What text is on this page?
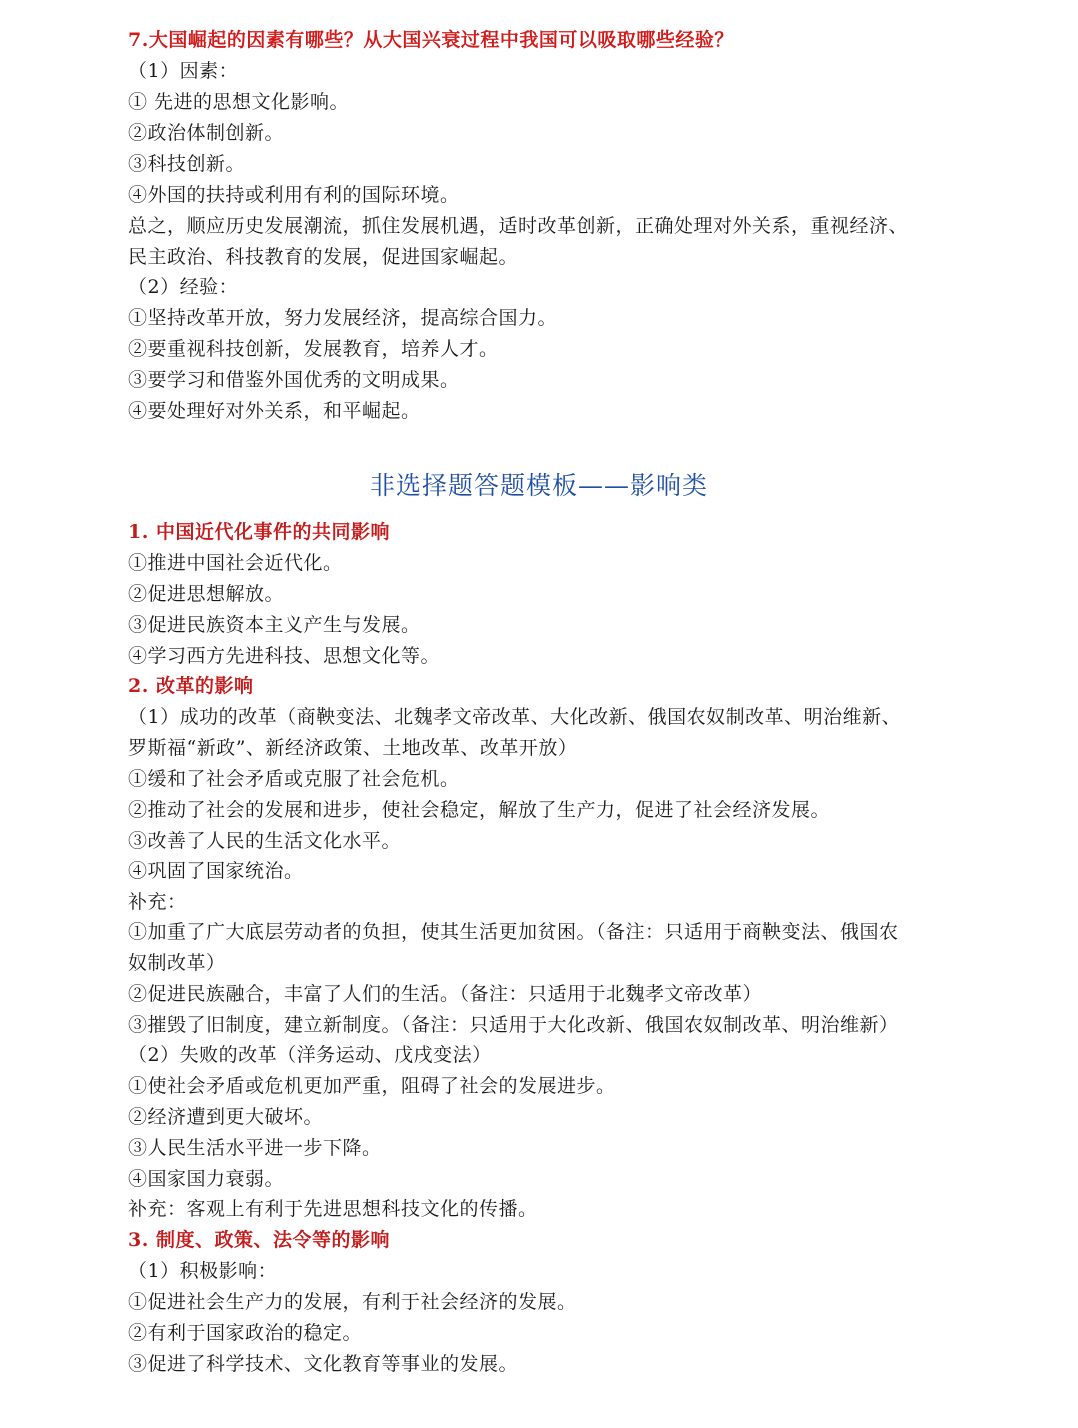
7.大国崛起的因素有哪些？从大国兴衰过程中我国可以吸取哪些经验？
（1）因素：
① 先进的思想文化影响。
②政治体制创新。
③科技创新。
④外国的扶持或利用有利的国际环境。
总之，顺应历史发展潮流，抓住发展机遇，适时改革创新，正确处理对外关系，重视经济、
民主政治、科技教育的发展，促进国家崛起。
（2）经验：
①坚持改革开放，努力发展经济，提高综合国力。
②要重视科技创新，发展教育，培养人才。
③要学习和借鉴外国优秀的文明成果。
④要处理好对外关系，和平崛起。
非选择题答题模板——影响类
1. 中国近代化事件的共同影响
①推进中国社会近代化。
②促进思想解放。
③促进民族资本主义产生与发展。
④学习西方先进科技、思想文化等。
2. 改革的影响
（1）成功的改革（商鞅变法、北魏孝文帝改革、大化改新、俄国农奴制改革、明治维新、
罗斯福“新政”、新经济政策、土地改革、改革开放）
①缓和了社会矛盾或克服了社会危机。
②推动了社会的发展和进步，使社会稳定，解放了生产力，促进了社会经济发展。
③改善了人民的生活文化水平。
④巩固了国家统治。
补充：
①加重了广大底层劳动者的负担，使其生活更加贫困。（备注：只适用于商鞅变法、俄国农
奴制改革）
②促进民族融合，丰富了人们的生活。（备注：只适用于北魏孝文帝改革）
③摧毁了旧制度，建立新制度。（备注：只适用于大化改新、俄国农奴制改革、明治维新）
（2）失败的改革（洋务运动、戊戌变法）
①使社会矛盾或危机更加严重，阻碍了社会的发展进步。
②经济遭到更大破坏。
③人民生活水平进一步下降。
④国家国力衰弱。
补充：客观上有利于先进思想科技文化的传播。
3. 制度、政策、法令等的影响
（1）积极影响：
①促进社会生产力的发展，有利于社会经济的发展。
②有利于国家政治的稳定。
③促进了科学技术、文化教育等事业的发展。
